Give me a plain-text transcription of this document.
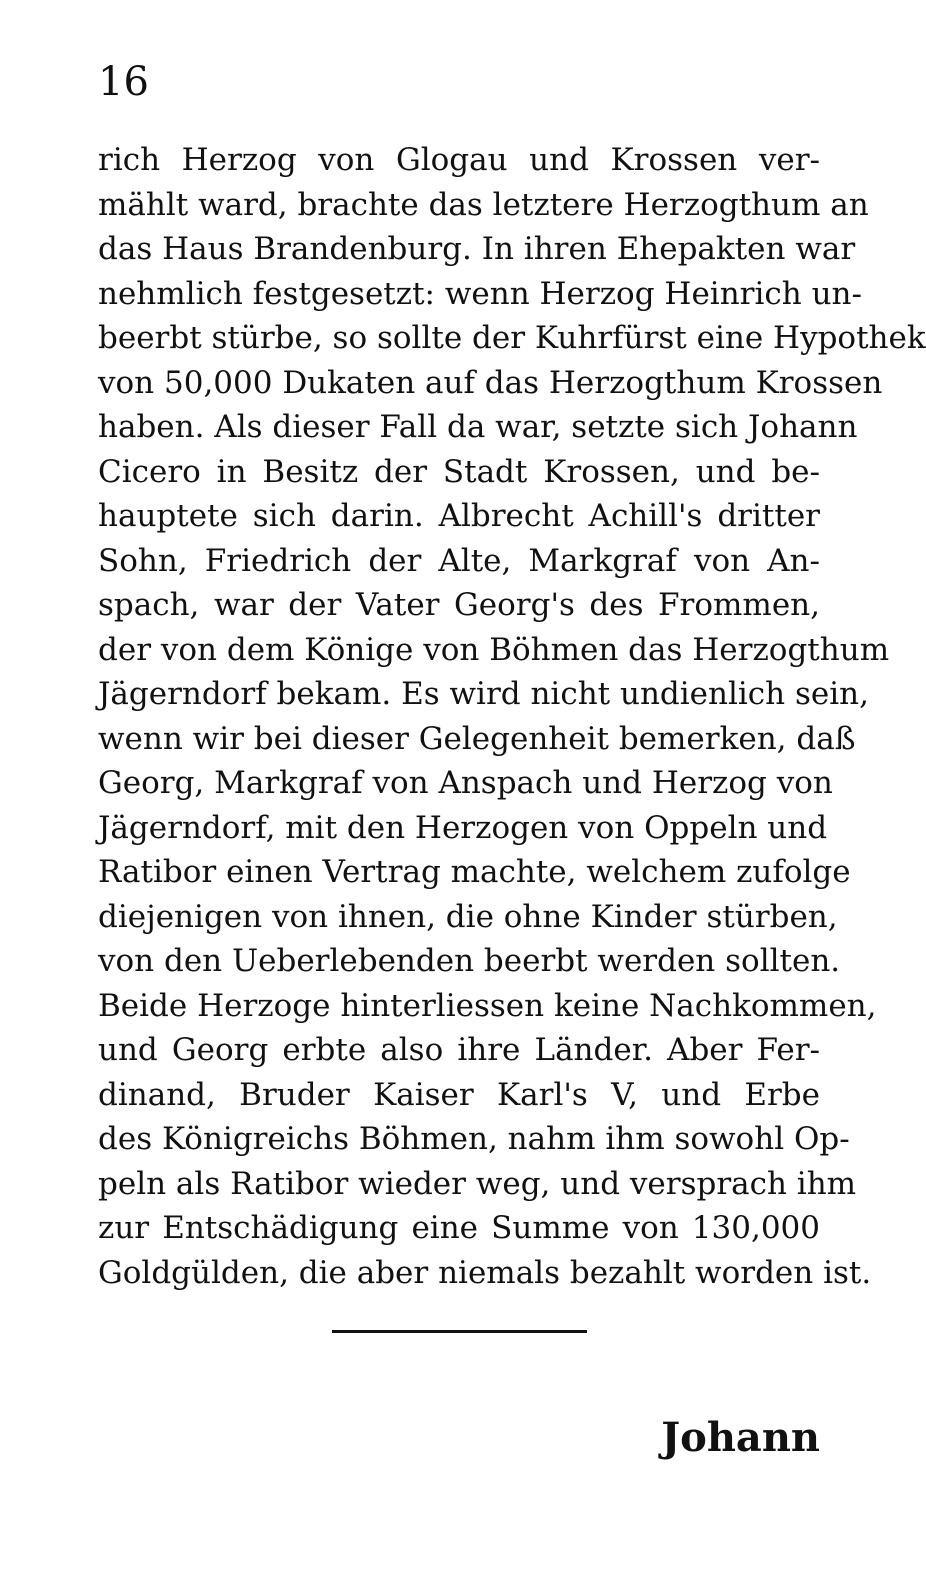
16
rich Herzog von Glogau und Krossen ver-
mählt ward, brachte das letztere Herzogthum an
das Haus Brandenburg. In ihren Ehepakten war
nehmlich festgesetzt: wenn Herzog Heinrich un-
beerbt stürbe, so sollte der Kuhrfürst eine Hypothek
von 50,000 Dukaten auf das Herzogthum Krossen
haben. Als dieser Fall da war, setzte sich Johann
Cicero in Besitz der Stadt Krossen, und be-
hauptete sich darin. Albrecht Achill's dritter
Sohn, Friedrich der Alte, Markgraf von An-
spach, war der Vater Georg's des Frommen,
der von dem Könige von Böhmen das Herzogthum
Jägerndorf bekam. Es wird nicht undienlich sein,
wenn wir bei dieser Gelegenheit bemerken, daß
Georg, Markgraf von Anspach und Herzog von
Jägerndorf, mit den Herzogen von Oppeln und
Ratibor einen Vertrag machte, welchem zufolge
diejenigen von ihnen, die ohne Kinder stürben,
von den Ueberlebenden beerbt werden sollten.
Beide Herzoge hinterliessen keine Nachkommen,
und Georg erbte also ihre Länder. Aber Fer-
dinand, Bruder Kaiser Karl's V, und Erbe
des Königreichs Böhmen, nahm ihm sowohl Op-
peln als Ratibor wieder weg, und versprach ihm
zur Entschädigung eine Summe von 130,000
Goldgülden, die aber niemals bezahlt worden ist.
Johann
